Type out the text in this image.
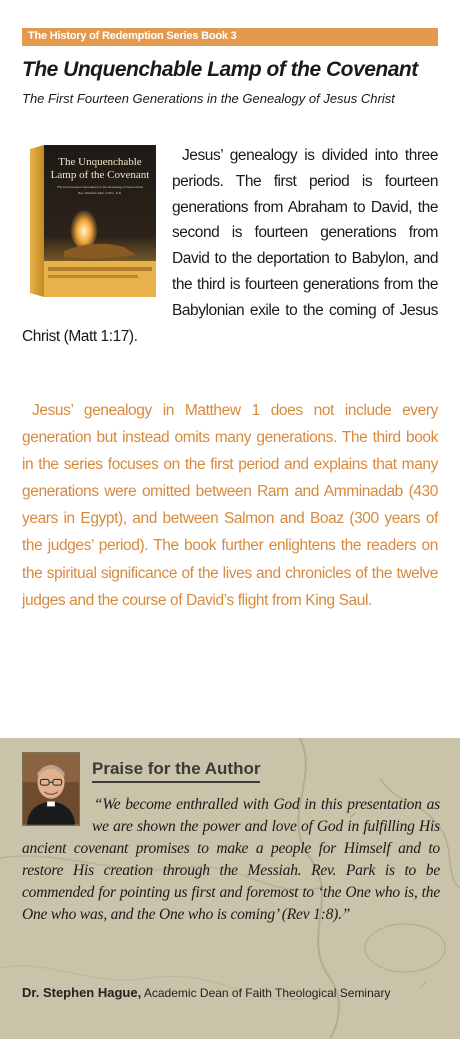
The History of Redemption Series Book 3
The Unquenchable Lamp of the Covenant

The First Fourteen Generations in the Genealogy of Jesus Christ

The Unquenchable
Lamp of the Covenant
The First Fourteen Generations in the Genealogy of Jesus Christ
Rev. Abraham Park, D.Min., D.D.
Jesus’ genealogy is divided into three periods. The first period is fourteen generations from Abraham to David, the second is fourteen generations from David to the deportation to Babylon, and the third is fourteen generations from the Babylonian exile to the coming of Jesus Christ (Matt 1:17).
Jesus’ genealogy in Matthew 1 does not include every generation but instead omits many generations. The third book in the series focuses on the first period and explains that many generations were omitted between Ram and Amminadab (430 years in Egypt), and between Salmon and Boaz (300 years of the judges’ period). The book further enlightens the readers on the spiritual significance of the lives and chronicles of the twelve judges and the course of David’s flight from King Saul.
Praise for the Author
“We become enthralled with God in this presentation as we are shown the power and love of God in fulfilling His ancient covenant promises to make a people for Himself and to restore His creation through the Messiah. Rev. Park is to be commended for pointing us first and foremost to ‘the One who is, the One who was, and the One who is coming’ (Rev 1:8).”

Dr. Stephen Hague, Academic Dean of Faith Theological Seminary
